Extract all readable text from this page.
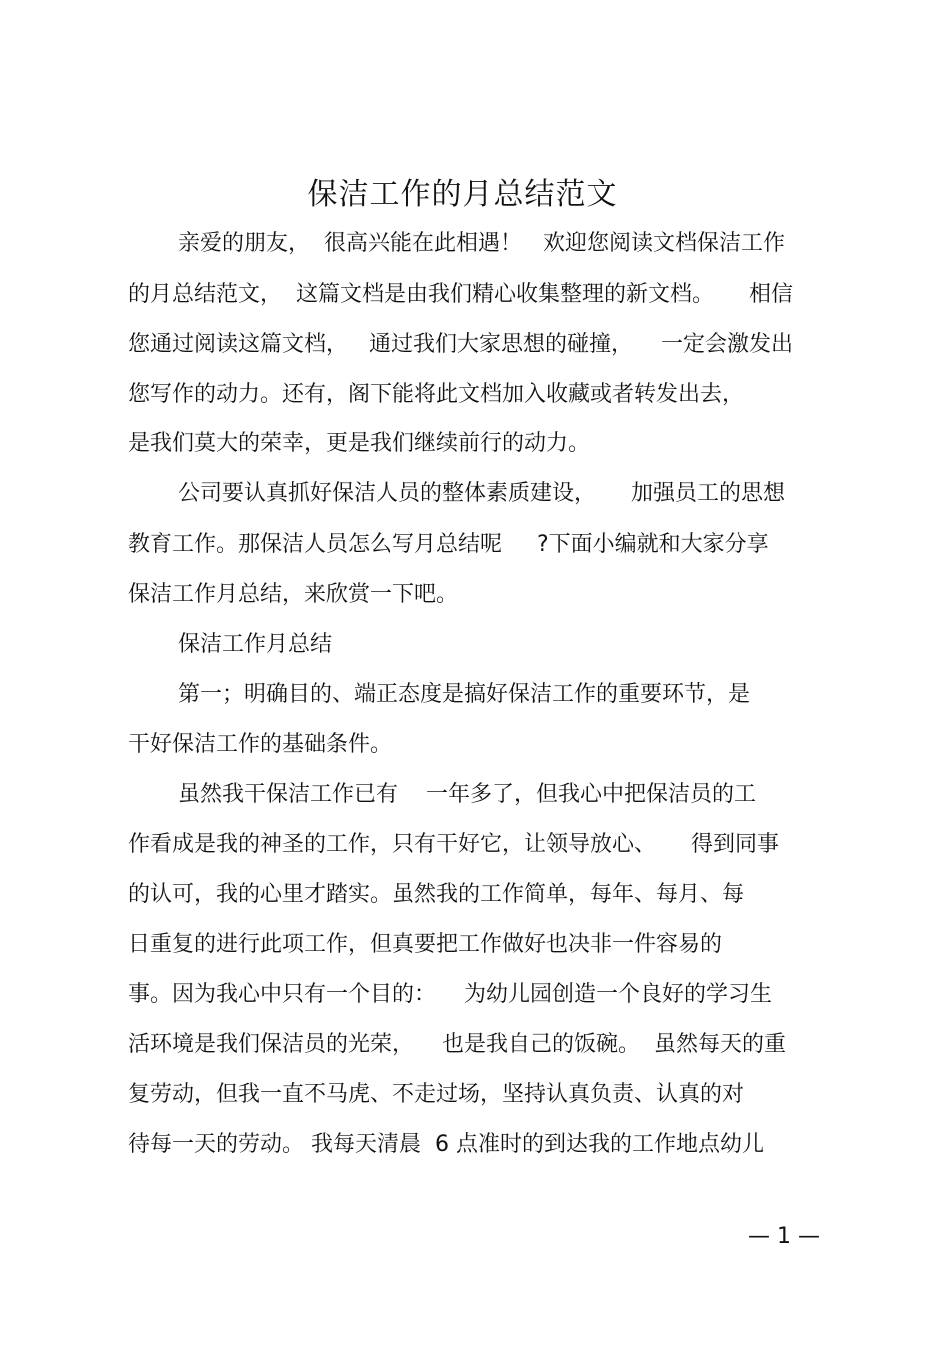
保洁工作的月总结范文
亲爱的朋友，  很高兴能在此相遇！   欢迎您阅读文档保洁工作
的月总结范文，  这篇文档是由我们精心收集整理的新文档。     相信
您通过阅读这篇文档，   通过我们大家思想的碰撞，    一定会激发出
您写作的动力。还有，阁下能将此文档加入收藏或者转发出去，
是我们莫大的荣幸，更是我们继续前行的动力。
公司要认真抓好保洁人员的整体素质建设，     加强员工的思想
教育工作。那保洁人员怎么写月总结呢     ?下面小编就和大家分享
保洁工作月总结，来欣赏一下吧。
保洁工作月总结
第一；明确目的、端正态度是搞好保洁工作的重要环节，是
干好保洁工作的基础条件。
虽然我干保洁工作已有    一年多了，但我心中把保洁员的工
作看成是我的神圣的工作，只有干好它，让领导放心、     得到同事
的认可，我的心里才踏实。虽然我的工作简单，每年、每月、每
日重复的进行此项工作，但真要把工作做好也决非一件容易的
事。因为我心中只有一个目的：    为幼儿园创造一个良好的学习生
活环境是我们保洁员的光荣，    也是我自己的饭碗。  虽然每天的重
复劳动，但我一直不马虎、不走过场，坚持认真负责、认真的对
待每一天的劳动。 我每天清晨  6 点准时的到达我的工作地点幼儿
— 1 —
